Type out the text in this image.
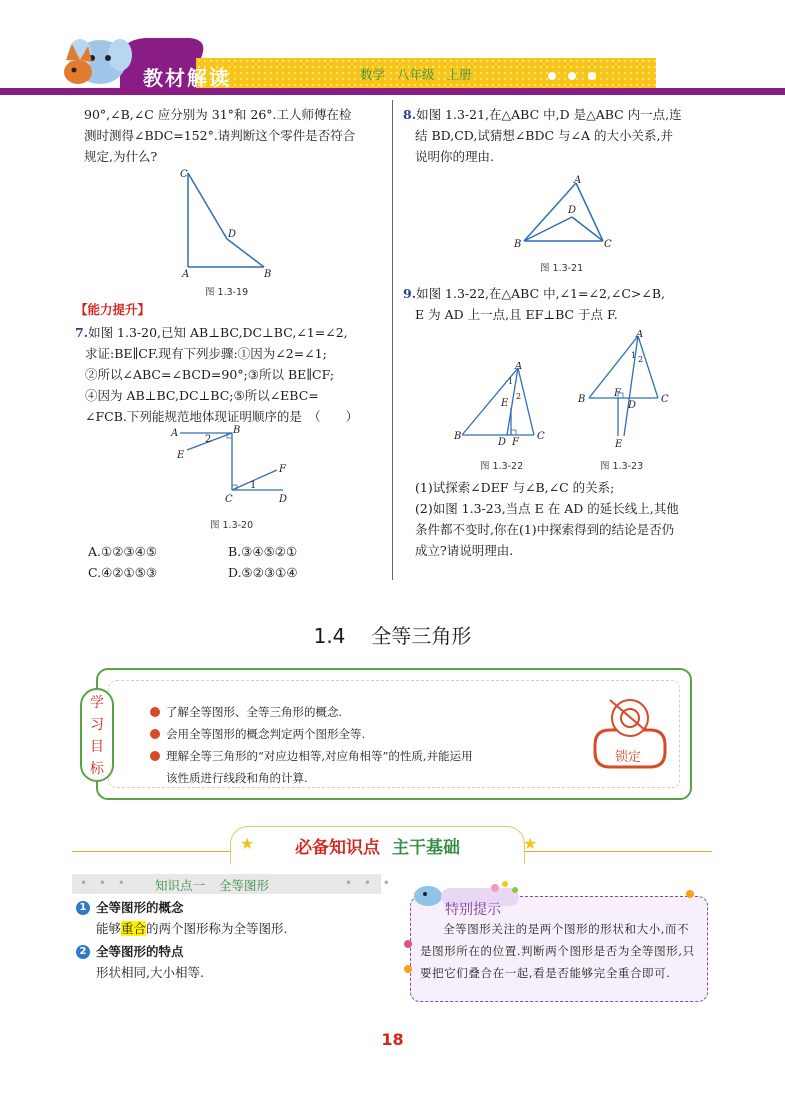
教材解读	数学 八年级 上册

90°,∠B,∠C 应分别为 31°和 26°.工人师傅在检

测时测得∠BDC=152°.请判断这个零件是否符合

规定,为什么?

C
D
A	B
图 1.3-19
【能力提升】

7.如图 1.3-20,已知 AB⊥BC,DC⊥BC,∠1=∠2,

求证:BE∥CF.现有下列步骤:①因为∠2=∠1;

②所以∠ABC=∠BCD=90°;③所以 BE∥CF;

④因为 AB⊥BC,DC⊥BC;⑤所以∠EBC=

∠FCB.下列能规范地体现证明顺序的是　（　　）

A	B
2
E
F
1
C	D
图 1.3-20
A.①②③④⑤	B.③④⑤②①
C.④②①⑤③	D.⑤②③①④

8.如图 1.3-21,在△ABC 中,D 是△ABC 内一点,连

结 BD,CD,试猜想∠BDC 与∠A 的大小关系,并

说明你的理由.

A
D
B	C
图 1.3-21

9.如图 1.3-22,在△ABC 中,∠1=∠2,∠C>∠B,

E 为 AD 上一点,且 EF⊥BC 于点 F.

A
1
2
E
B
D F
C
图 1.3-22
A
1 2
B
F
D
C
E
图 1.3-23

(1)试探索∠DEF 与∠B,∠C 的关系;

(2)如图 1.3-23,当点 E 在 AD 的延长线上,其他

条件都不变时,你在(1)中探索得到的结论是否仍

成立?请说明理由.

1.4 全等三角形
学
习
目
标
了解全等图形、全等三角形的概念.
会用全等图形的概念判定两个图形全等.
理解全等三角形的“对应边相等,对应角相等”的性质,并能运用
该性质进行线段和角的计算.
锁定
★	★
必备知识点 主干基础
• • •	• • •
知识点一 全等图形
1 全等图形的概念
能够重合的两个图形称为全等图形.
2 全等图形的特点
形状相同,大小相等.
特别提示
全等图形关注的是两个图形的形状和大小,而不是图形所在的位置.判断两个图形是否为全等图形,只要把它们叠合在一起,看是否能够完全重合即可.
18
